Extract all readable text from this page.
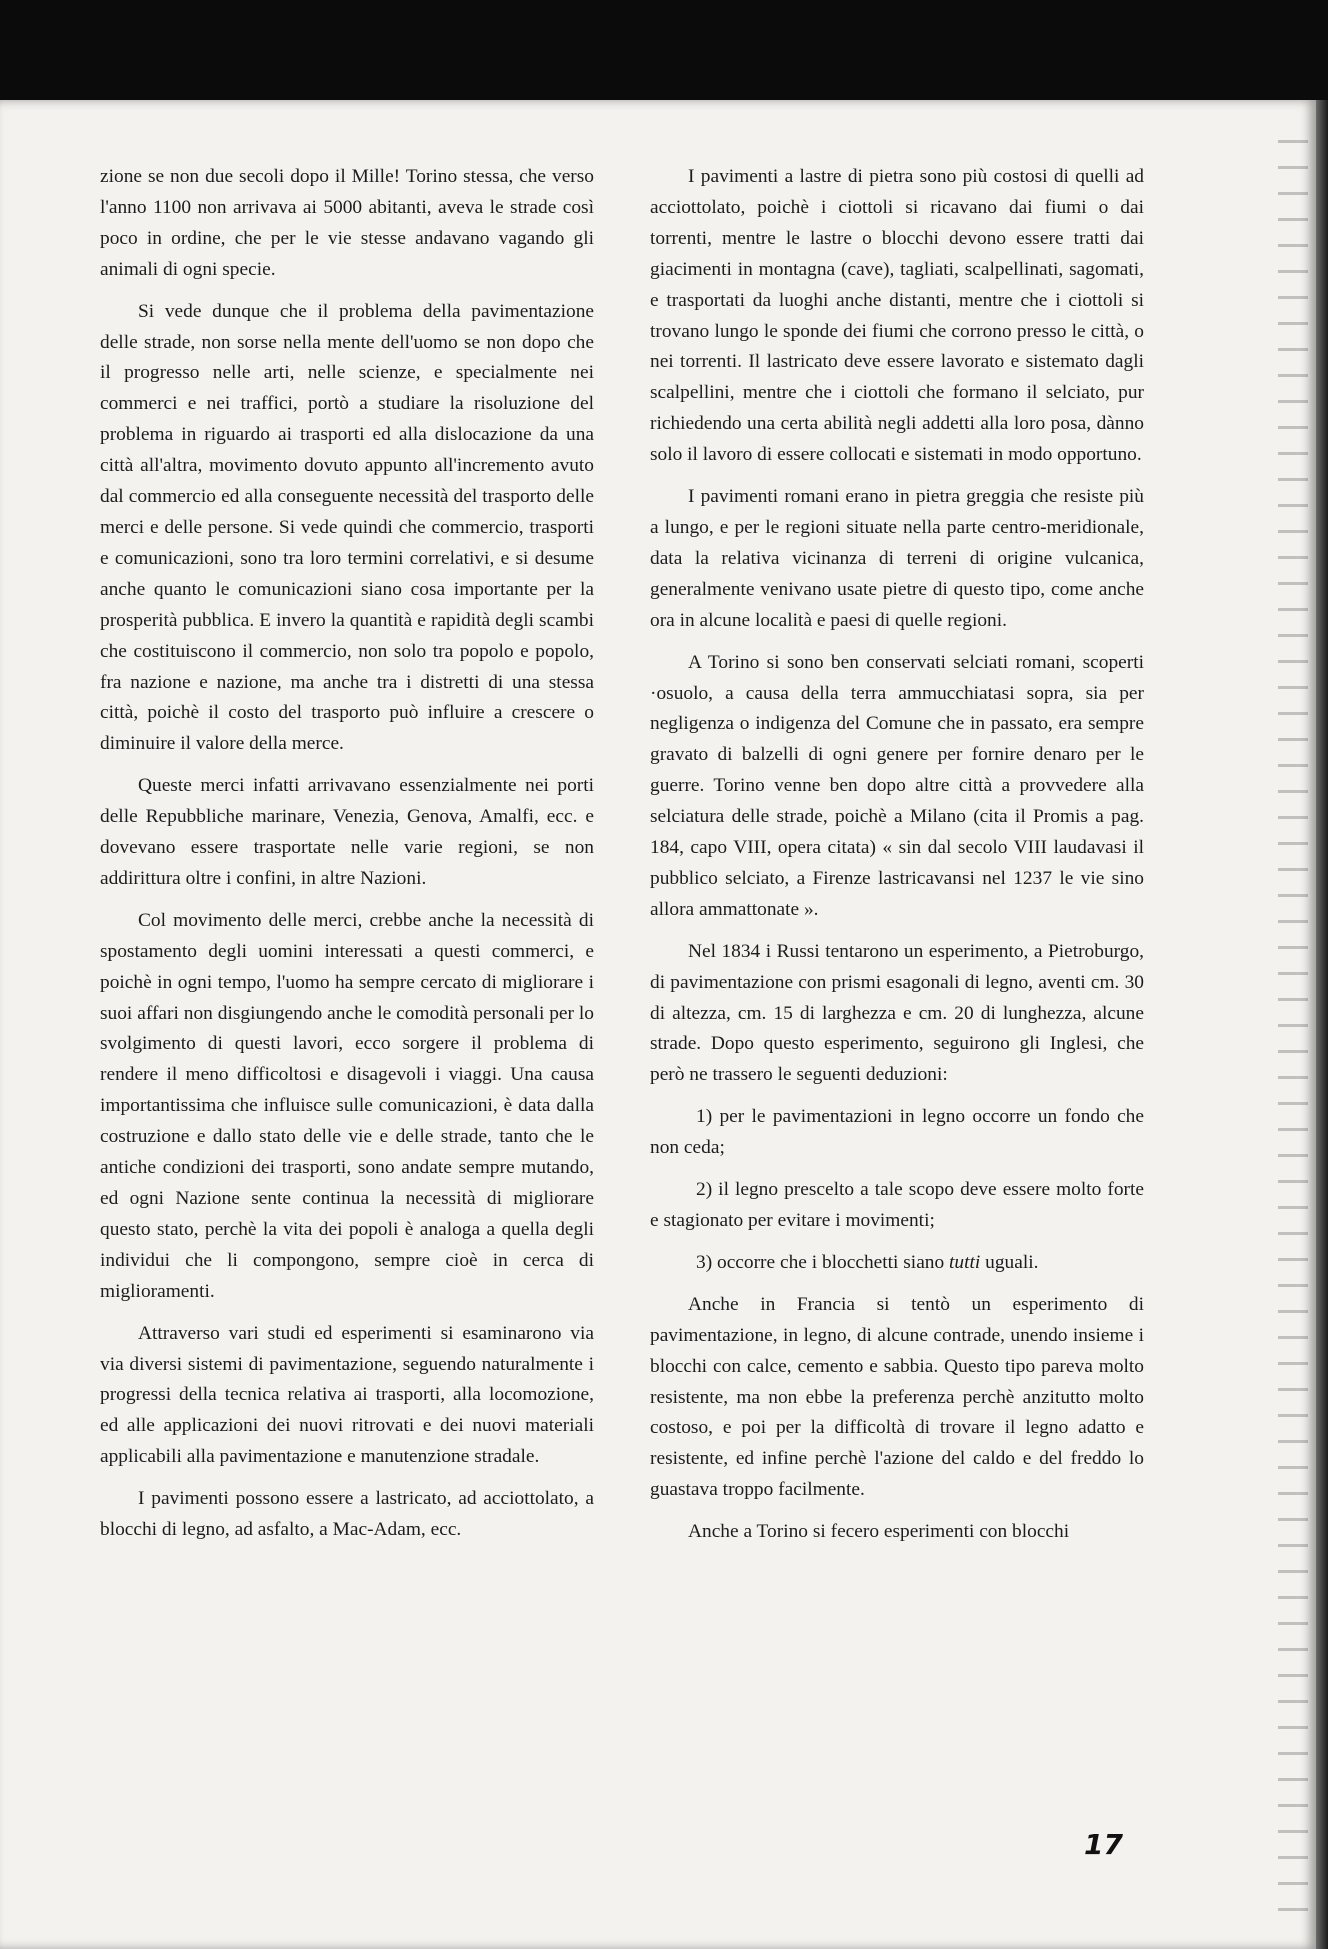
zione se non due secoli dopo il Mille! Torino stessa, che verso l'anno 1100 non arrivava ai 5000 abitanti, aveva le strade così poco in ordine, che per le vie stesse andavano vagando gli animali di ogni specie.

Si vede dunque che il problema della pavimentazione delle strade, non sorse nella mente dell'uomo se non dopo che il progresso nelle arti, nelle scienze, e specialmente nei commerci e nei traffici, portò a studiare la risoluzione del problema in riguardo ai trasporti ed alla dislocazione da una città all'altra, movimento dovuto appunto all'incremento avuto dal commercio ed alla conseguente necessità del trasporto delle merci e delle persone. Si vede quindi che commercio, trasporti e comunicazioni, sono tra loro termini correlativi, e si desume anche quanto le comunicazioni siano cosa importante per la prosperità pubblica. E invero la quantità e rapidità degli scambi che costituiscono il commercio, non solo tra popolo e popolo, fra nazione e nazione, ma anche tra i distretti di una stessa città, poichè il costo del trasporto può influire a crescere o diminuire il valore della merce.

Queste merci infatti arrivavano essenzialmente nei porti delle Repubbliche marinare, Venezia, Genova, Amalfi, ecc. e dovevano essere trasportate nelle varie regioni, se non addirittura oltre i confini, in altre Nazioni.

Col movimento delle merci, crebbe anche la necessità di spostamento degli uomini interessati a questi commerci, e poichè in ogni tempo, l'uomo ha sempre cercato di migliorare i suoi affari non disgiungendo anche le comodità personali per lo svolgimento di questi lavori, ecco sorgere il problema di rendere il meno difficoltosi e disagevoli i viaggi. Una causa importantissima che influisce sulle comunicazioni, è data dalla costruzione e dallo stato delle vie e delle strade, tanto che le antiche condizioni dei trasporti, sono andate sempre mutando, ed ogni Nazione sente continua la necessità di migliorare questo stato, perchè la vita dei popoli è analoga a quella degli individui che li compongono, sempre cioè in cerca di miglioramenti.

Attraverso vari studi ed esperimenti si esaminarono via via diversi sistemi di pavimentazione, seguendo naturalmente i progressi della tecnica relativa ai trasporti, alla locomozione, ed alle applicazioni dei nuovi ritrovati e dei nuovi materiali applicabili alla pavimentazione e manutenzione stradale.

I pavimenti possono essere a lastricato, ad acciottolato, a blocchi di legno, ad asfalto, a Mac-Adam, ecc.

I pavimenti a lastre di pietra sono più costosi di quelli ad acciottolato, poichè i ciottoli si ricavano dai fiumi o dai torrenti, mentre le lastre o blocchi devono essere tratti dai giacimenti in montagna (cave), tagliati, scalpellinati, sagomati, e trasportati da luoghi anche distanti, mentre che i ciottoli si trovano lungo le sponde dei fiumi che corrono presso le città, o nei torrenti. Il lastricato deve essere lavorato e sistemato dagli scalpellini, mentre che i ciottoli che formano il selciato, pur richiedendo una certa abilità negli addetti alla loro posa, dànno solo il lavoro di essere collocati e sistemati in modo opportuno.

I pavimenti romani erano in pietra greggia che resiste più a lungo, e per le regioni situate nella parte centro-meridionale, data la relativa vicinanza di terreni di origine vulcanica, generalmente venivano usate pietre di questo tipo, come anche ora in alcune località e paesi di quelle regioni.

A Torino si sono ben conservati selciati romani, scoperti ·osuolo, a causa della terra ammucchiatasi sopra, sia per negligenza o indigenza del Comune che in passato, era sempre gravato di balzelli di ogni genere per fornire denaro per le guerre. Torino venne ben dopo altre città a provvedere alla selciatura delle strade, poichè a Milano (cita il Promis a pag. 184, capo VIII, opera citata) « sin dal secolo VIII laudavasi il pubblico selciato, a Firenze lastricavansi nel 1237 le vie sino allora ammattonate ».

Nel 1834 i Russi tentarono un esperimento, a Pietroburgo, di pavimentazione con prismi esagonali di legno, aventi cm. 30 di altezza, cm. 15 di larghezza e cm. 20 di lunghezza, alcune strade. Dopo questo esperimento, seguirono gli Inglesi, che però ne trassero le seguenti deduzioni:

1) per le pavimentazioni in legno occorre un fondo che non ceda;

2) il legno prescelto a tale scopo deve essere molto forte e stagionato per evitare i movimenti;

3) occorre che i blocchetti siano tutti uguali.

Anche in Francia si tentò un esperimento di pavimentazione, in legno, di alcune contrade, unendo insieme i blocchi con calce, cemento e sabbia. Questo tipo pareva molto resistente, ma non ebbe la preferenza perchè anzitutto molto costoso, e poi per la difficoltà di trovare il legno adatto e resistente, ed infine perchè l'azione del caldo e del freddo lo guastava troppo facilmente.

Anche a Torino si fecero esperimenti con blocchi

17
